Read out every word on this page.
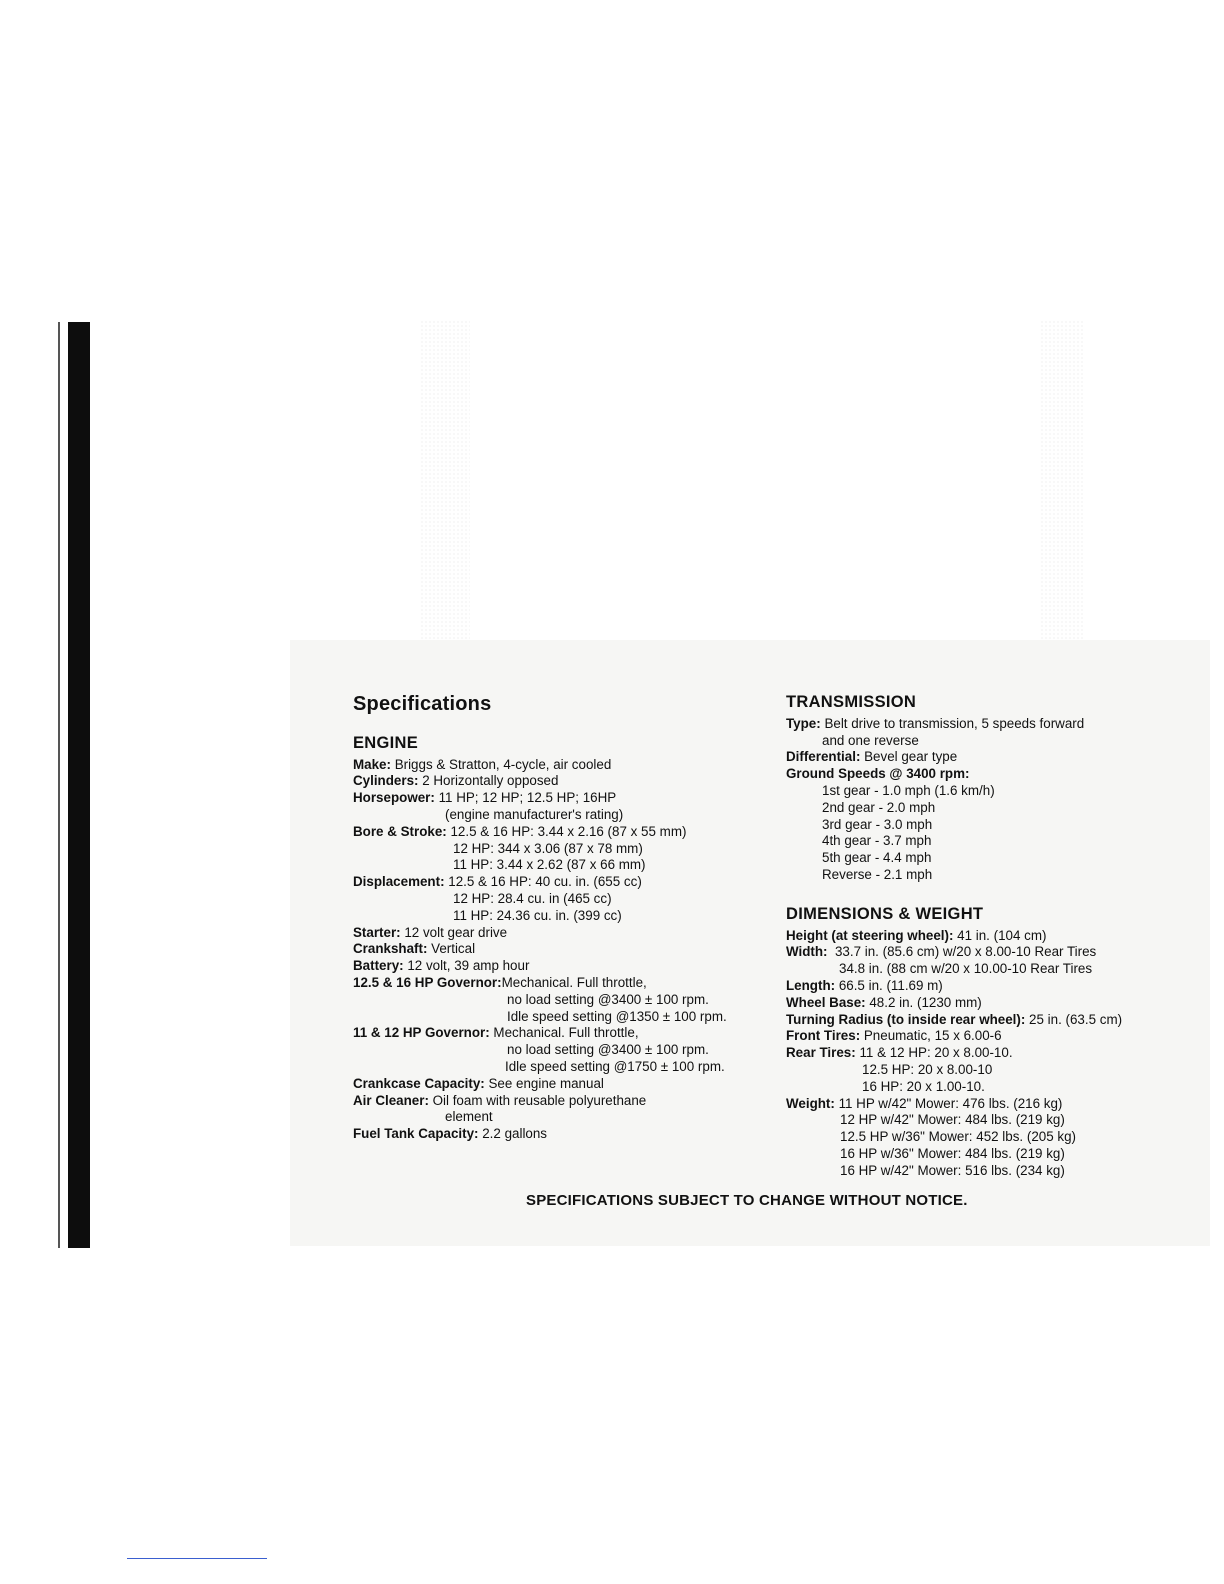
Specifications
ENGINE
Make: Briggs & Stratton, 4-cycle, air cooled
Cylinders: 2 Horizontally opposed
Horsepower: 11 HP; 12 HP; 12.5 HP; 16HP
(engine manufacturer's rating)
Bore & Stroke: 12.5 & 16 HP: 3.44 x 2.16 (87 x 55 mm)
12 HP: 344 x 3.06 (87 x 78 mm)
11 HP: 3.44 x 2.62 (87 x 66 mm)
Displacement: 12.5 & 16 HP: 40 cu. in. (655 cc)
12 HP: 28.4 cu. in (465 cc)
11 HP: 24.36 cu. in. (399 cc)
Starter: 12 volt gear drive
Crankshaft: Vertical
Battery: 12 volt, 39 amp hour
12.5 & 16 HP Governor:Mechanical. Full throttle,
no load setting @3400 ± 100 rpm.
Idle speed setting @1350 ± 100 rpm.
11 & 12 HP Governor: Mechanical. Full throttle,
no load setting @3400 ± 100 rpm.
Idle speed setting @1750 ± 100 rpm.
Crankcase Capacity: See engine manual
Air Cleaner: Oil foam with reusable polyurethane
element
Fuel Tank Capacity: 2.2 gallons
TRANSMISSION
Type: Belt drive to transmission, 5 speeds forward
and one reverse
Differential: Bevel gear type
Ground Speeds @ 3400 rpm:
1st gear - 1.0 mph (1.6 km/h)
2nd gear - 2.0 mph
3rd gear - 3.0 mph
4th gear - 3.7 mph
5th gear - 4.4 mph
Reverse - 2.1 mph
DIMENSIONS & WEIGHT
Height (at steering wheel): 41 in. (104 cm)
Width:  33.7 in. (85.6 cm) w/20 x 8.00-10 Rear Tires
34.8 in. (88 cm w/20 x 10.00-10 Rear Tires
Length: 66.5 in. (11.69 m)
Wheel Base: 48.2 in. (1230 mm)
Turning Radius (to inside rear wheel): 25 in. (63.5 cm)
Front Tires: Pneumatic, 15 x 6.00-6
Rear Tires: 11 & 12 HP: 20 x 8.00-10.
12.5 HP: 20 x 8.00-10
16 HP: 20 x 1.00-10.
Weight: 11 HP w/42" Mower: 476 lbs. (216 kg)
12 HP w/42" Mower: 484 lbs. (219 kg)
12.5 HP w/36" Mower: 452 lbs. (205 kg)
16 HP w/36" Mower: 484 lbs. (219 kg)
16 HP w/42" Mower: 516 lbs. (234 kg)
SPECIFICATIONS SUBJECT TO CHANGE WITHOUT NOTICE.
